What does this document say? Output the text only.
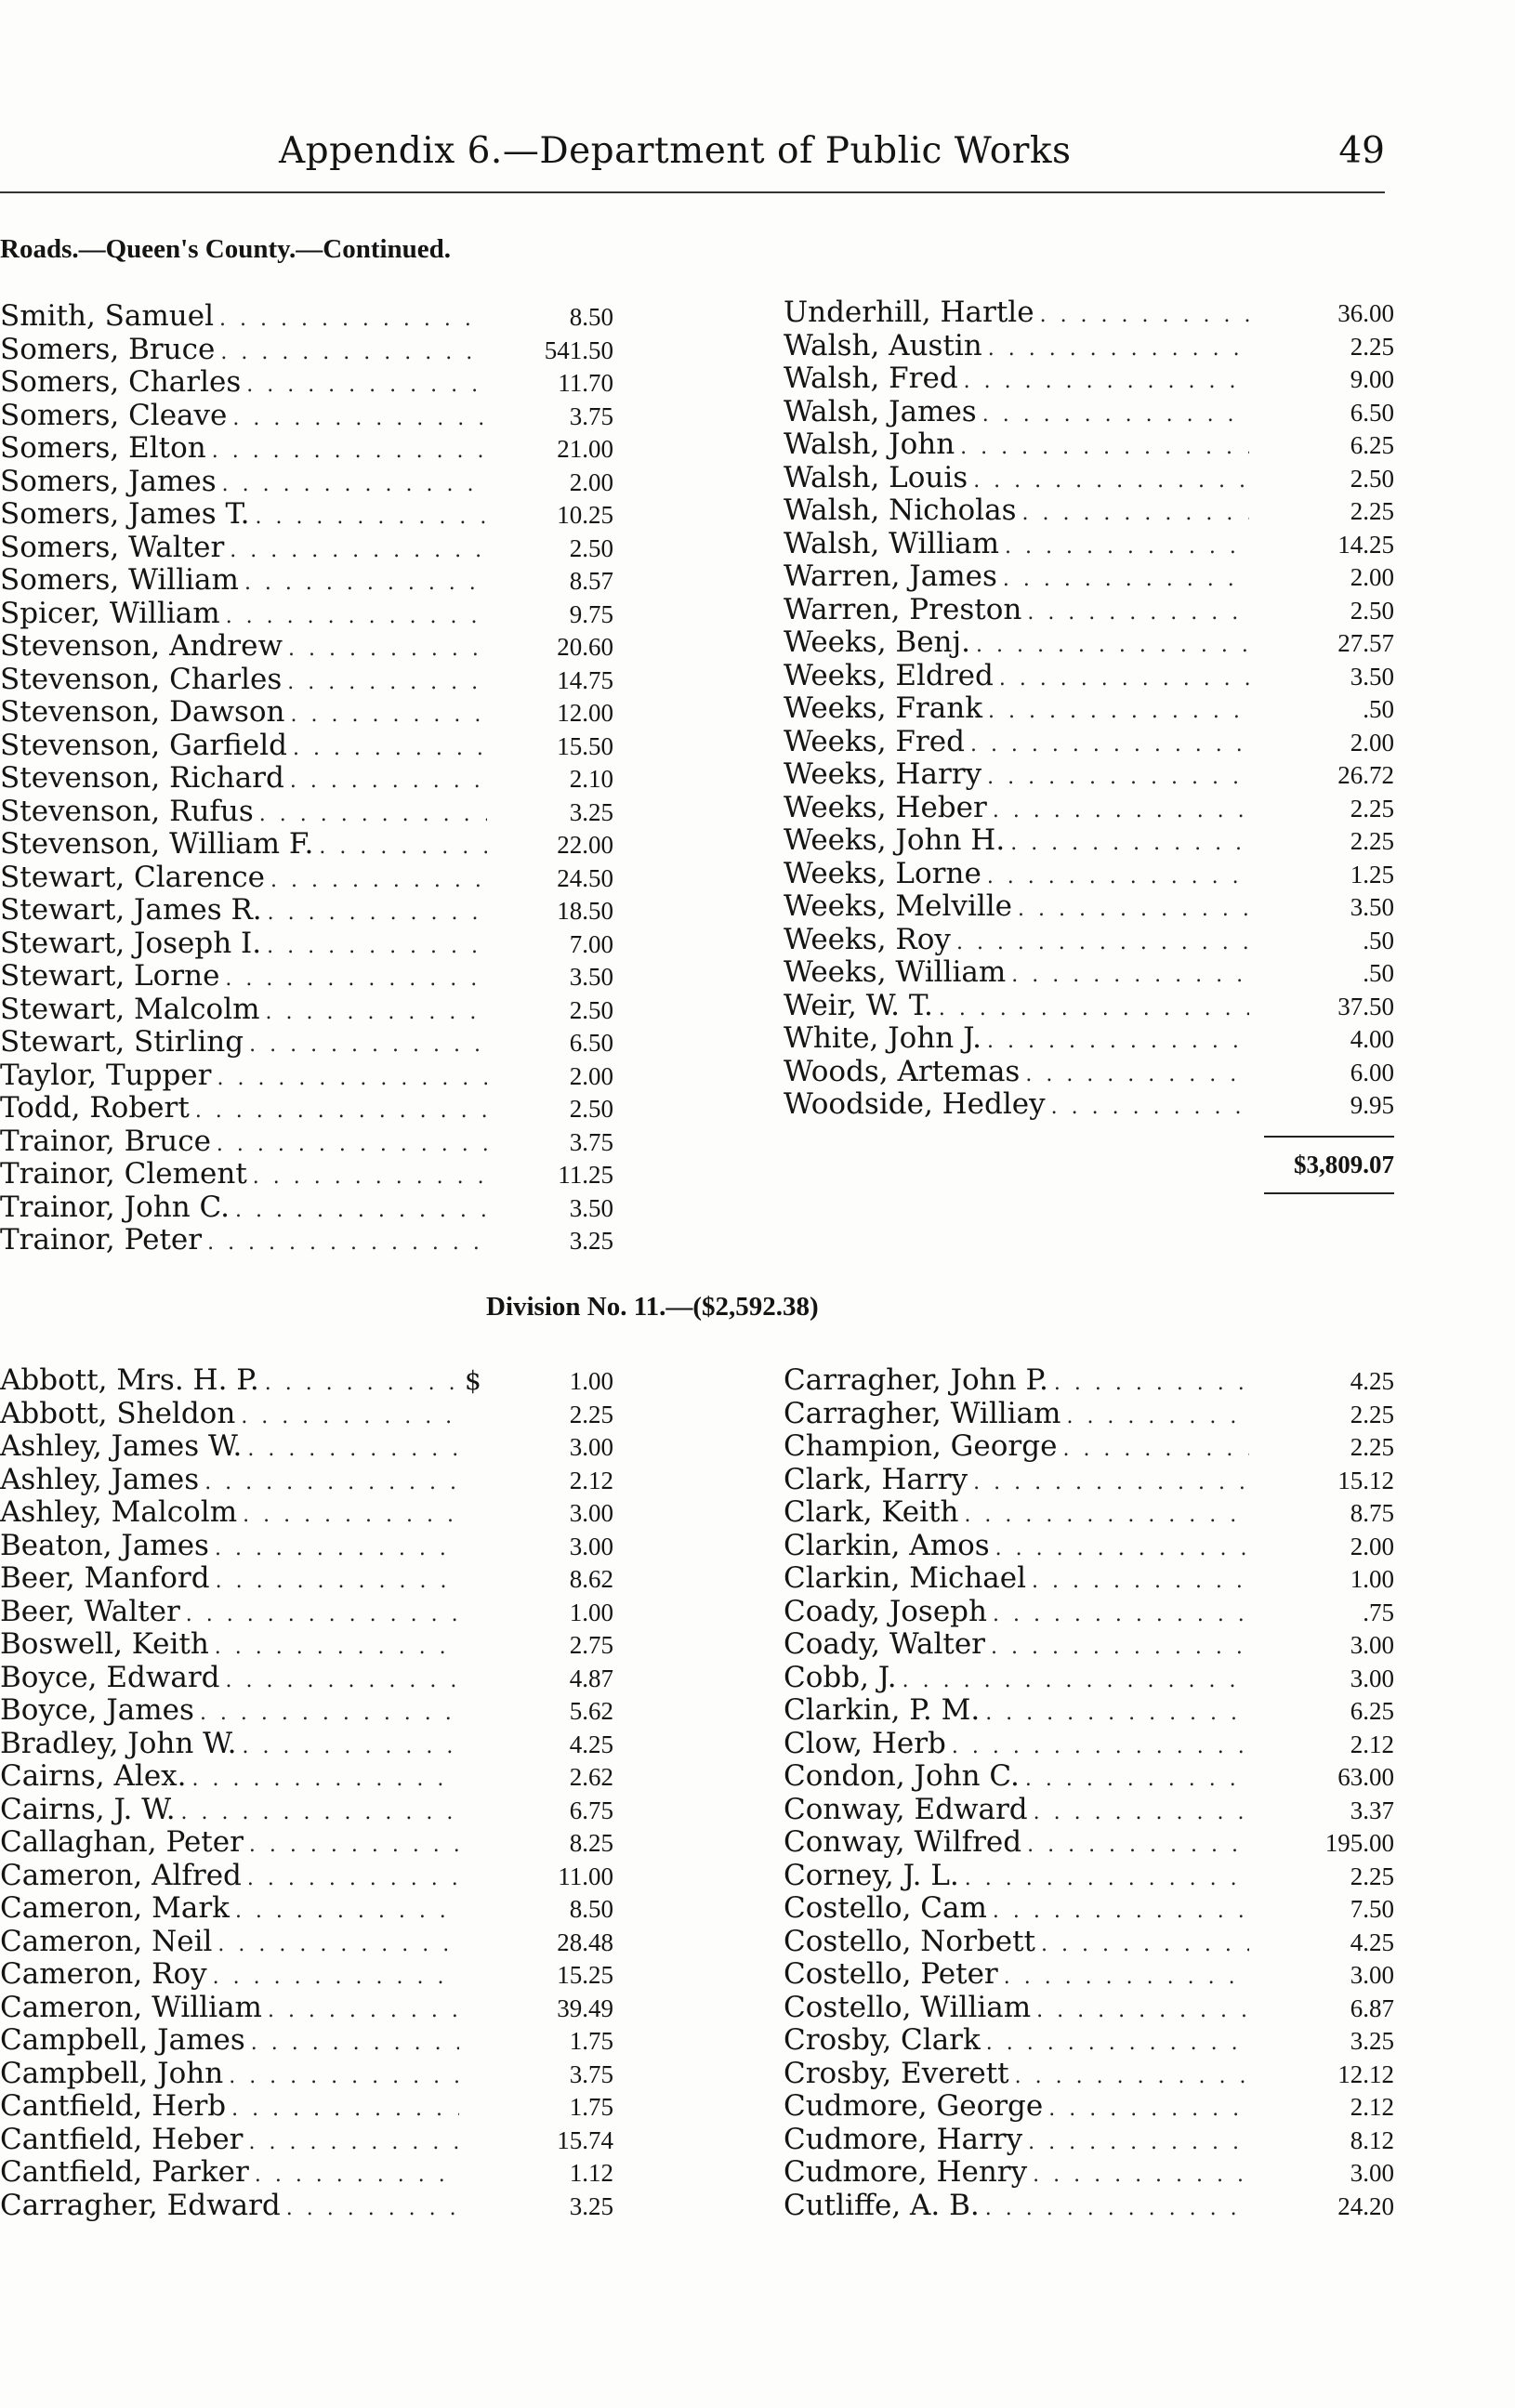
Appendix 6.—Department of Public Works	49
Roads.—Queen's County.—Continued.
Smith, Samuel . . .	8.50
Somers, Bruce . . .	541.50
Somers, Charles . . .	11.70
Somers, Cleave . . .	3.75
Somers, Elton . . .	21.00
Somers, James . . .	2.00
Somers, James T. . . .	10.25
Somers, Walter . . .	2.50
Somers, William . . .	8.57
Spicer, William . . .	9.75
Stevenson, Andrew . . .	20.60
Stevenson, Charles . . .	14.75
Stevenson, Dawson . . .	12.00
Stevenson, Garfield . . .	15.50
Stevenson, Richard . . .	2.10
Stevenson, Rufus . . .	3.25
Stevenson, William F. . . .	22.00
Stewart, Clarence . . .	24.50
Stewart, James R. . . .	18.50
Stewart, Joseph I. . . .	7.00
Stewart, Lorne . . .	3.50
Stewart, Malcolm . . .	2.50
Stewart, Stirling . . .	6.50
Taylor, Tupper . . .	2.00
Todd, Robert . . .	2.50
Trainor, Bruce . . .	3.75
Trainor, Clement . . .	11.25
Trainor, John C. . . .	3.50
Trainor, Peter . . .	3.25
Underhill, Hartle . . .	36.00
Walsh, Austin . . .	2.25
Walsh, Fred . . .	9.00
Walsh, James . . .	6.50
Walsh, John . . .	6.25
Walsh, Louis . . .	2.50
Walsh, Nicholas . . .	2.25
Walsh, William . . .	14.25
Warren, James . . .	2.00
Warren, Preston . . .	2.50
Weeks, Benj. . . .	27.57
Weeks, Eldred . . .	3.50
Weeks, Frank . . .	.50
Weeks, Fred . . .	2.00
Weeks, Harry . . .	26.72
Weeks, Heber . . .	2.25
Weeks, John H. . . .	2.25
Weeks, Lorne . . .	1.25
Weeks, Melville . . .	3.50
Weeks, Roy . . .	.50
Weeks, William . . .	.50
Weir, W. T. . . .	37.50
White, John J. . . .	4.00
Woods, Artemas . . .	6.00
Woodside, Hedley . . .	9.95
$3,809.07
Division No. 11.—($2,592.38)
Abbott, Mrs. H. P. . . .	$	1.00
Abbott, Sheldon . . .	2.25
Ashley, James W. . . .	3.00
Ashley, James . . .	2.12
Ashley, Malcolm . . .	3.00
Beaton, James . . .	3.00
Beer, Manford . . .	8.62
Beer, Walter . . .	1.00
Boswell, Keith . . .	2.75
Boyce, Edward . . .	4.87
Boyce, James . . .	5.62
Bradley, John W. . . .	4.25
Cairns, Alex. . . .	2.62
Cairns, J. W. . . .	6.75
Callaghan, Peter . . .	8.25
Cameron, Alfred . . .	11.00
Cameron, Mark . . .	8.50
Cameron, Neil . . .	28.48
Cameron, Roy . . .	15.25
Cameron, William . . .	39.49
Campbell, James . . .	1.75
Campbell, John . . .	3.75
Cantfield, Herb . . .	1.75
Cantfield, Heber . . .	15.74
Cantfield, Parker . . .	1.12
Carragher, Edward . . .	3.25
Carragher, John P. . . .	4.25
Carragher, William . . .	2.25
Champion, George . . .	2.25
Clark, Harry . . .	15.12
Clark, Keith . . .	8.75
Clarkin, Amos . . .	2.00
Clarkin, Michael . . .	1.00
Coady, Joseph . . .	.75
Coady, Walter . . .	3.00
Cobb, J. . . .	3.00
Clarkin, P. M. . . .	6.25
Clow, Herb . . .	2.12
Condon, John C. . . .	63.00
Conway, Edward . . .	3.37
Conway, Wilfred . . .	195.00
Corney, J. L. . . .	2.25
Costello, Cam . . .	7.50
Costello, Norbett . . .	4.25
Costello, Peter . . .	3.00
Costello, William . . .	6.87
Crosby, Clark . . .	3.25
Crosby, Everett . . .	12.12
Cudmore, George . . .	2.12
Cudmore, Harry . . .	8.12
Cudmore, Henry . . .	3.00
Cutliffe, A. B. . . .	24.20
